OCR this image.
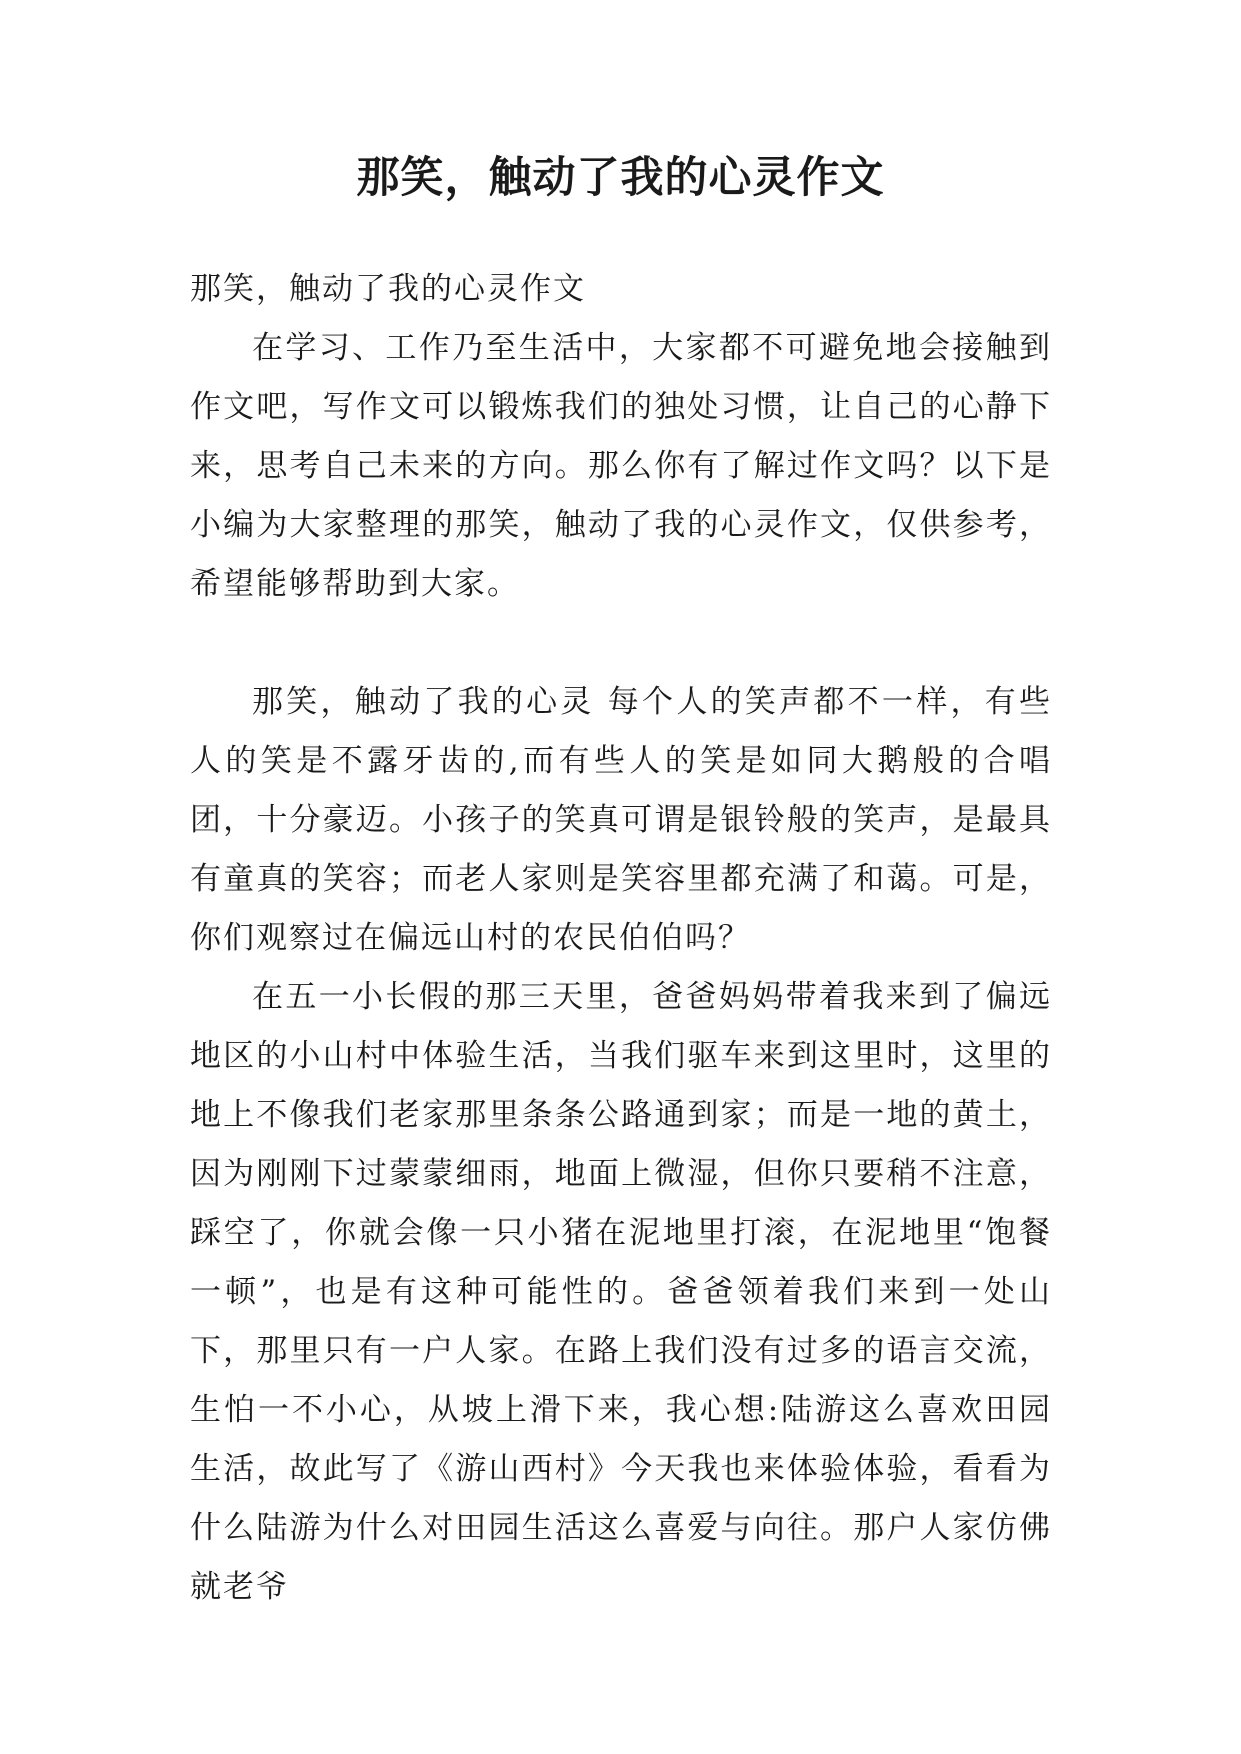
那笑，触动了我的心灵作文

那笑，触动了我的心灵作文

在学习、工作乃至生活中，大家都不可避免地会接触到作文吧，写作文可以锻炼我们的独处习惯，让自己的心静下来，思考自己未来的方向。那么你有了解过作文吗？以下是小编为大家整理的那笑，触动了我的心灵作文，仅供参考，希望能够帮助到大家。

那笑，触动了我的心灵 每个人的笑声都不一样，有些人的笑是不露牙齿的,而有些人的笑是如同大鹅般的合唱团，十分豪迈。小孩子的笑真可谓是银铃般的笑声，是最具有童真的笑容；而老人家则是笑容里都充满了和蔼。可是，你们观察过在偏远山村的农民伯伯吗？

在五一小长假的那三天里，爸爸妈妈带着我来到了偏远地区的小山村中体验生活，当我们驱车来到这里时，这里的地上不像我们老家那里条条公路通到家；而是一地的黄土，因为刚刚下过蒙蒙细雨，地面上微湿，但你只要稍不注意，踩空了，你就会像一只小猪在泥地里打滚，在泥地里“饱餐一顿”，也是有这种可能性的。爸爸领着我们来到一处山下，那里只有一户人家。在路上我们没有过多的语言交流，生怕一不小心，从坡上滑下来，我心想:陆游这么喜欢田园生活，故此写了《游山西村》今天我也来体验体验，看看为什么陆游为什么对田园生活这么喜爱与向往。那户人家仿佛就老爷
